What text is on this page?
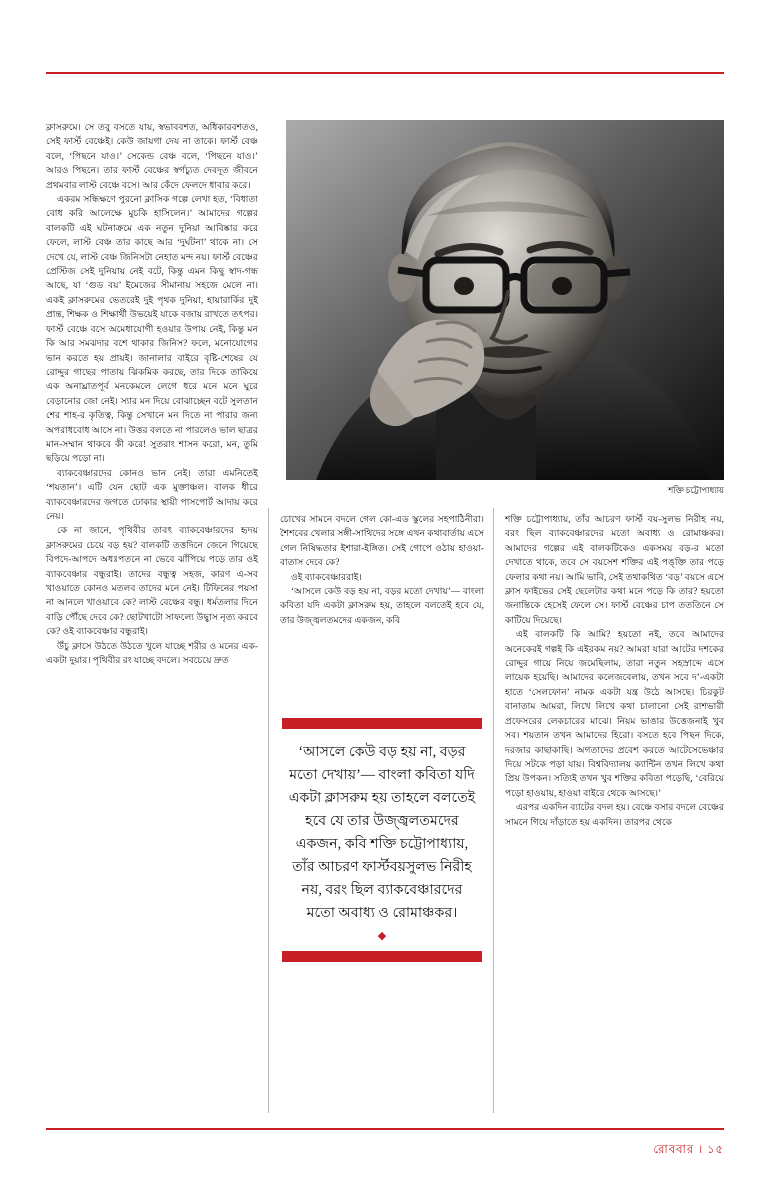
শক্তি চট্টোপাধ্যায়

ক্লাসরুমে। সে তবু বসতে যায়, স্বভাববশত, অধিকারবশতও, সেই ফার্স্ট বেঞ্চেই। কেউ জায়গা দেয না তাকে। ফার্স্ট বেঞ্চ বলে, ‘পিছনে যাও।’ সেকেন্ড বেঞ্চ বলে, ‘পিছনে যাও।’ আরও পিছনে। তার ফার্স্ট বেঞ্চের স্বর্গচ্যুত দেবদূত জীবনে প্রথমবার লাস্ট বেঞ্চে বসে। আর কেঁদে ফেলদে ধাবার করে।

একরম সন্ধিক্ষণে পুরনো ক্লাসিক গল্পে লেখা হত, ‘বিধাতা বোধ করি আলেক্ষে মুচকি হাসিলেন।’ আমাদের গল্পের বালকটি এই ঘটনাক্রমে এক নতুন দুনিয়া আবিষ্কার করে ফেলে, লাস্ট বেঞ্চ তার কাছে আর ‘দুর্ঘটনা’ থাকে না। সে দেখে যে, লাস্ট বেঞ্চ জিনিসটা নেহাত মন্দ নয়। ফার্স্ট বেঞ্চের প্রেস্টিজ সেই দুনিয়ায় নেই বটে, কিন্তু এমন কিছু স্বাদ-গন্ধ আছে, যা ‘গুড বয়’ ইমেজের সীমানায় সহজে মেলে না। একই ক্লাসরুমের ভেতরেই দুই পৃথক দুনিয়া, হায়ারার্কির দুই প্রান্ত, শিক্ষক ও শিক্ষার্থী উভয়েই যাকে বজায় রাখতে তৎপর। ফার্স্ট বেঞ্চে বসে অমেধাযোগী হওয়ার উপায় নেই, কিন্তু মন কি আর সমঝদার বশে থাকার জিনিস? ফলে, মনোযোগের ভান করতে হয় প্রায়ই। জানালার বাইরে বৃষ্টি-শেষের যে রোদ্দুর গাছের পাতায় ঝিকমিক করছে, তার দিকে তাকিয়ে এক অনাঘ্রাতপূর্ব মনকেমলে লেগে ধরে মনে মনে ঘুরে বেড়ানোর জো নেই। স্যার মন দিয়ে বোঝাচ্ছেন বটে সুলতান শের শাহ-র কৃতিত্ব, কিন্তু সেখানে মন দিতে না পারার জন্য অপরাধবোধ আসে না। উত্তর বলতে না পারলেও ভাল ছাত্রর মান-সম্মান থাকবে কী করে! সুতরাং শাসন করো, মন, তুমি ছড়িয়ে পড়ো না।

ব্যাকবেঞ্চারদের কোনও ভান নেই। তারা এমনিতেই ‘শয়তান’। এটি যেন ছোট এক মুক্তাঞ্চল। বালক ধীরে ব্যাকবেঞ্চারদের জগতে ঢোকার স্থায়ী পাসপোর্ট আদায় করে নেয়।

কে না জানে, পৃথিবীর তাবৎ ব্যাকবেঞ্চারদের হৃদয় ক্লাসরুমের চেয়ে বড় হয়? বালকটি তত্তদিনে জেনে গিয়েছে বিপদে-আপদে অধঃপতনে না ভেবে ঝাঁপিয়ে পড়ে তার ওই ব্যাকবেঞ্চার বন্ধুরাই। তাদের বন্ধুত্ব সহজ, কারণ এ-সব খাওয়াতে কোনও মতলব তাদের মনে নেই। টিফিনের পয়সা না আনলে খাওয়াবে কে? লাস্ট বেঞ্চের বন্ধু। ধর্মতলার দিনে বাড়ি পৌঁছে দেবে কে? ছোটখাটো সাফল্যে উছ্বাস নৃত্য করবে কে? ওই ব্যাকবেঞ্চার বন্ধুরাই।

উঁচু ক্লাসে উঠতে উঠতে খুলে যাচ্ছে শরীর ও মনের এক-একটা দুয়ার। পৃথিবীর রং যাচ্ছে বদলে। সবচেয়ে দ্রুত

চোখের সামনে বদলে গেল কো-এড স্কুলের সহপাঠিনীরা। শৈশবের খেলার সঙ্গী-সাথিদের সঙ্গে এখন কথাবার্তায় এসে গেল নিষিদ্ধতার ইশারা-ইঙ্গিত। সেই গোপে ওঠায় হাওয়া-বাতাস দেবে কে?

ওই ব্যাকবেঞ্চাররাই।

‘আসলে কেউ বড় হয় না, বড়র মতো দেখায়’— বাংলা কবিতা যদি একটা ক্লাসরুম হয়, তাহলে বলতেই হবে যে, তার উজ্জ্বলতমদের একজন, কবি

‘আসলে কেউ বড় হয় না, বড়র মতো দেখায়’— বাংলা কবিতা যদি একটা ক্লাসরুম হয় তাহলে বলতেই হবে যে তার উজ্জ্বলতমদের একজন, কবি শক্তি চট্টোপাধ্যায়, তাঁর আচরণ ফার্স্টবয়সুলভ নিরীহ নয়, বরং ছিল ব্যাকবেঞ্চারদের মতো অবাধ্য ও রোমাঞ্চকর।
◆

শক্তি চট্টোপাধ্যায়, তাঁর আচরণ ফার্স্ট বয়-সুলভ নিরীহ নয়, বরং ছিল ব্যাকবেঞ্চারদের মতো অবাধ্য ও রোমাঞ্চকর। আমাদের গল্পের এই বালকটিকেও একসময় বড়-র মতো দেখাতে থাকে, তবে সে বয়সেশ শক্তির এই পঙ্‌ক্তি তার পড়ে ফেলার কথা নয়। আমি ভাবি, সেই তথাকথিত ‘বড়’ বয়সে এসে ক্লাস ফাইভের সেই ছেলেটার কথা মনে পড়ে কি তার? হয়তো জনান্তিকে হেসেই ফেলে সে। ফার্স্ট বেঞ্চের চাপ তততিনে সে কাটিয়ে দিয়েছে।

এই বালকটি কি আমি? হয়তো নই, তবে আমাদের অনেকেরই গল্পই কি এইরকম নয়? আমরা যারা আটের দশকের রোদ্দুর গায়ে নিয়ে জমেছিলাম, তারা নতুন সহস্রাব্দে এসে লায়েক হয়েছি। আমাদের কলেজবেলায়, তখন সবে দ’-একটা হাতে ‘সেলফোন’ নামক একটা যন্ত্র উঠে আসছে। চিরকুট বানাতাম আমরা, লিখে লিখে কথা চালানো সেই রাশভারী প্রফেসরের লেকচারের মাঝে। নিয়ম ভাঙার উত্তেজনাই খুব সব। শয়তান তখন আমাদের হিরো। বসতে হবে পিছন দিকে, দরজার কাছাকাছি। অগতাদের প্রবেশ করতে আটেসেভেঞ্চার দিয়ে সটকে পড়া যায়। বিশ্ববিদ্যালয় ক্যান্টিন তখন লিখে কথা প্রিয় উপকন। সত্যিই তখন খুব শক্তির কবিতা পড়েছি, ‘বেরিয়ে পড়ো হাওয়ায়, হাওয়া বাইরে থেকে আসছে।’

এরপর একদিন ব্যাটের বদল হয়। বেঞ্চে বসার বদলে বেঞ্চের সামনে গিয়ে দাঁড়াতে হয় একদিন। তারপর থেকে

রোববার । ১৫
